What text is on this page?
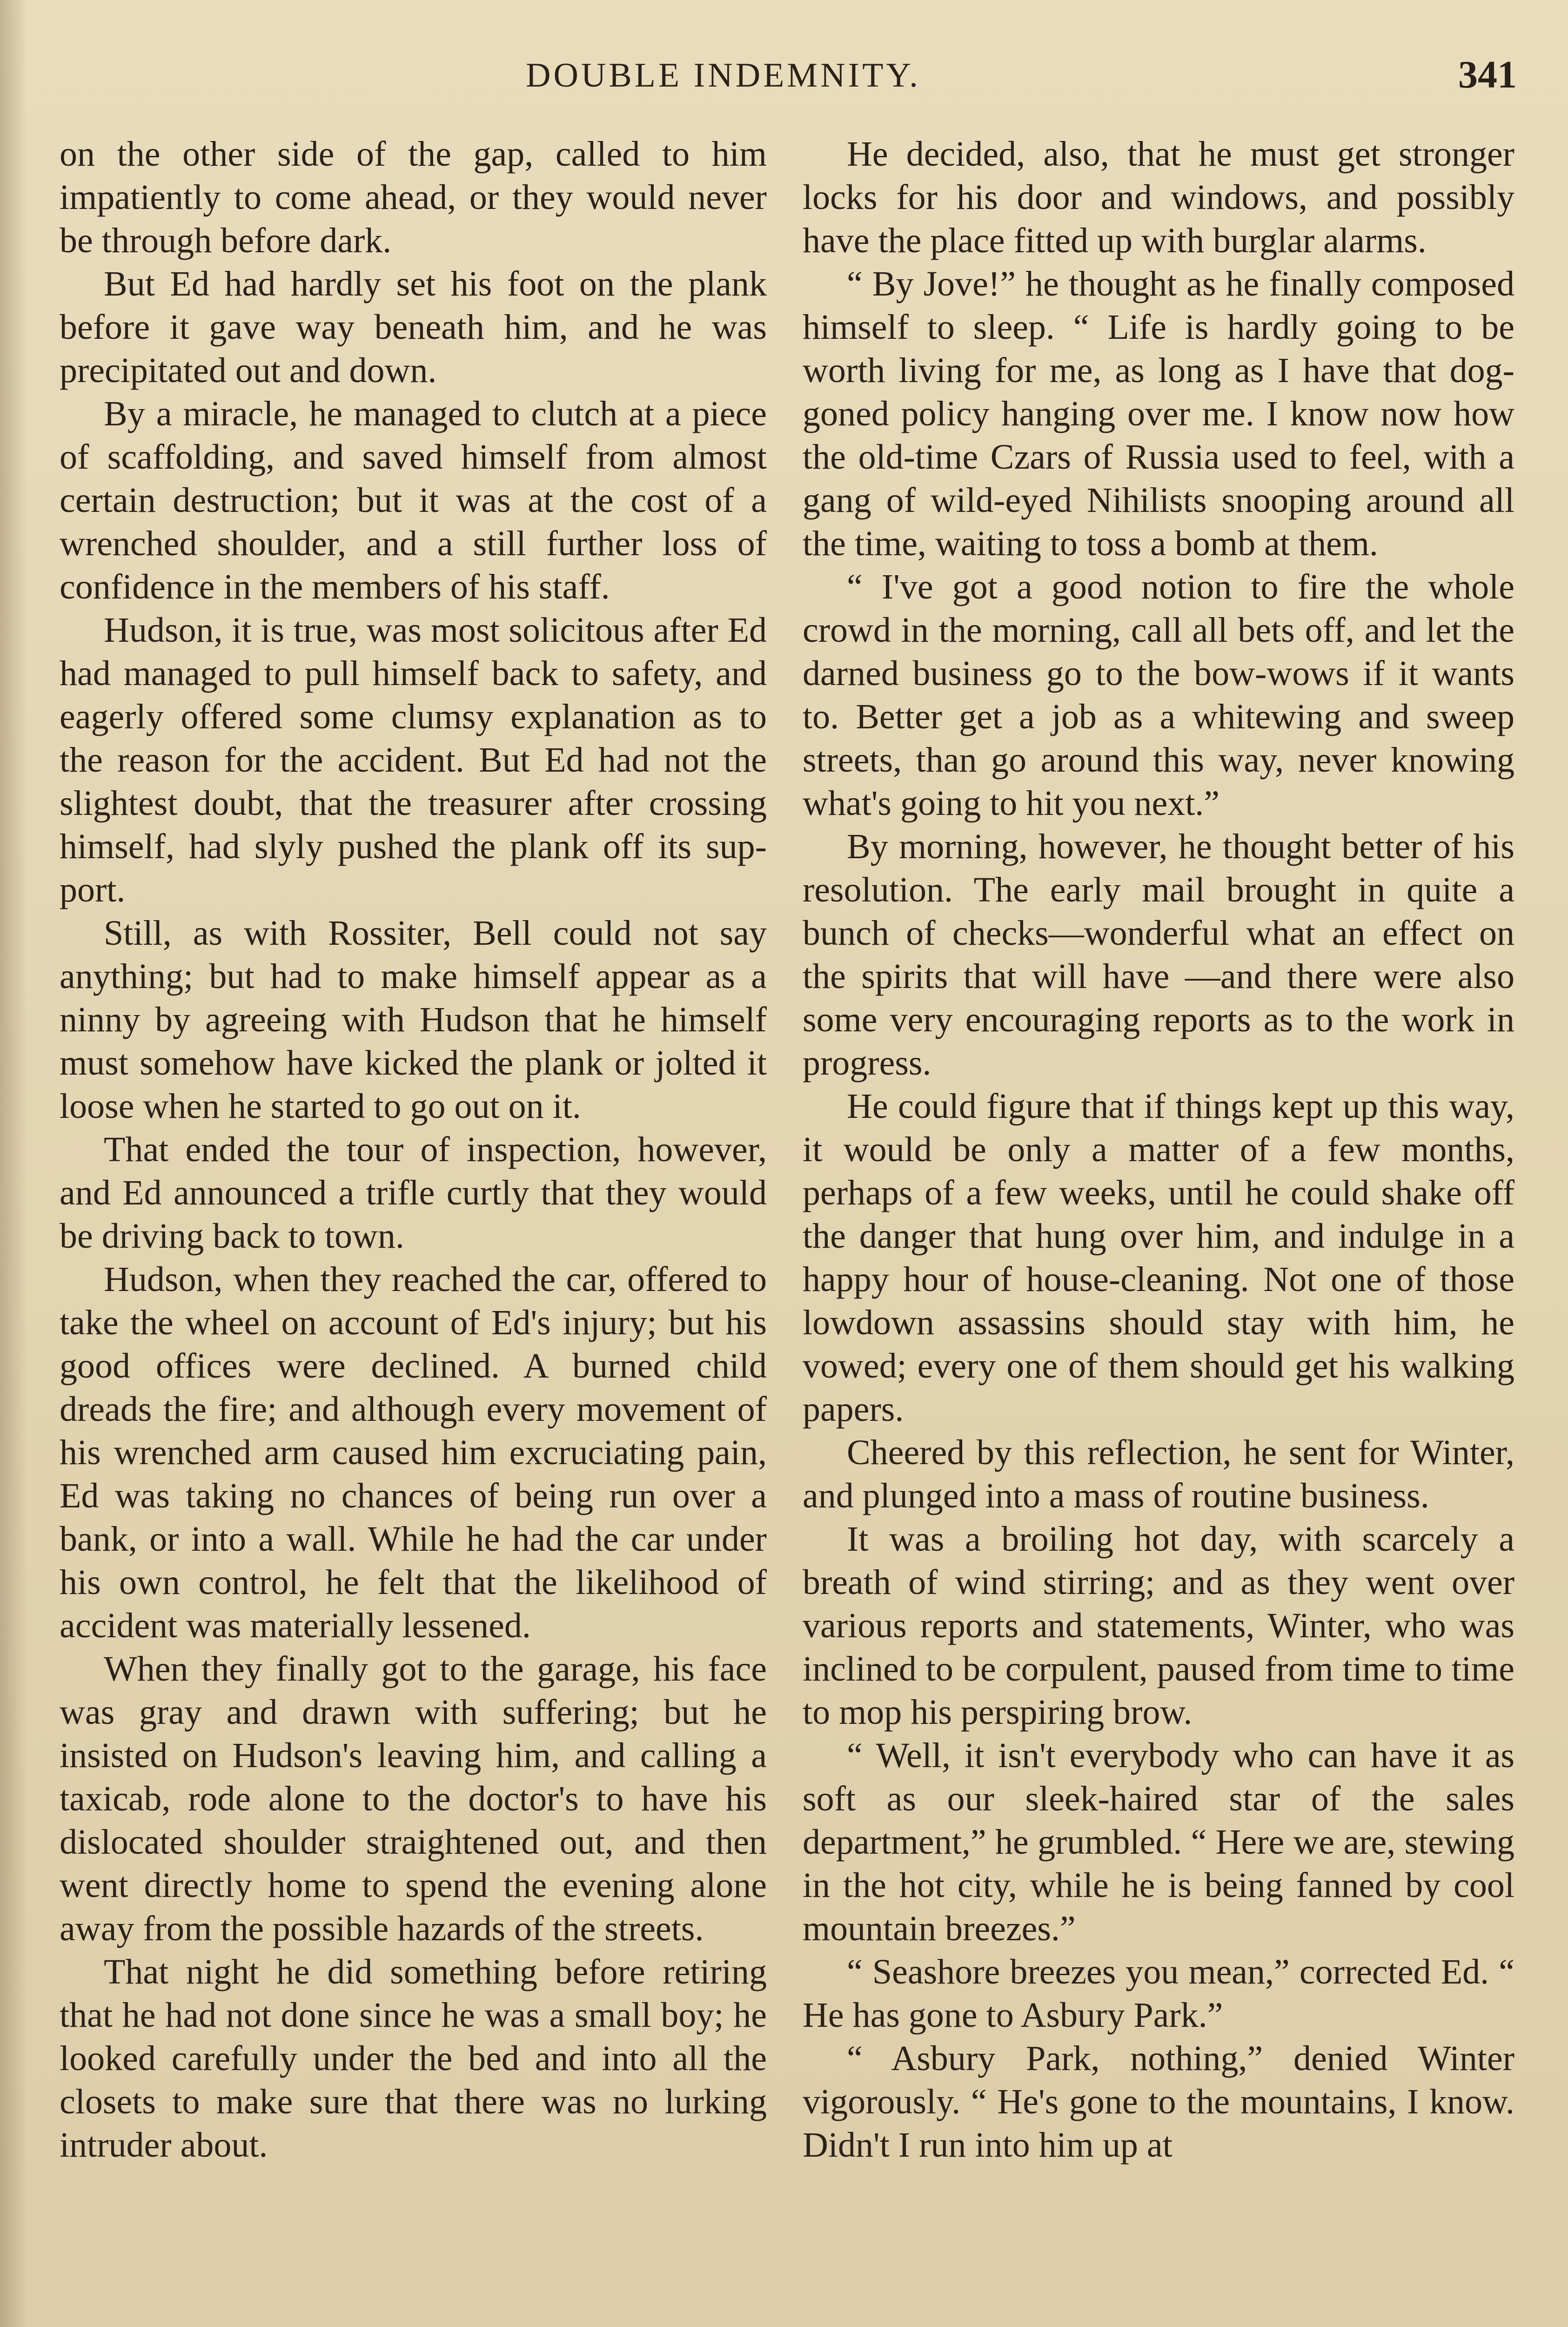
DOUBLE INDEMNITY.	341

on the other side of the gap, called to him impatiently to come ahead, or they would never be through before dark.

But Ed had hardly set his foot on the plank before it gave way beneath him, and he was precipitated out and down.

By a miracle, he managed to clutch at a piece of scaffolding, and saved himself from almost certain destruction; but it was at the cost of a wrenched shoulder, and a still further loss of confidence in the members of his staff.

Hudson, it is true, was most solicitous after Ed had managed to pull himself back to safety, and eagerly offered some clumsy explanation as to the reason for the accident. But Ed had not the slightest doubt, that the treasurer after crossing himself, had slyly pushed the plank off its support.

Still, as with Rossiter, Bell could not say anything; but had to make himself appear as a ninny by agreeing with Hudson that he himself must somehow have kicked the plank or jolted it loose when he started to go out on it.

That ended the tour of inspection, however, and Ed announced a trifle curtly that they would be driving back to town.

Hudson, when they reached the car, offered to take the wheel on account of Ed's injury; but his good offices were declined. A burned child dreads the fire; and although every movement of his wrenched arm caused him excruciating pain, Ed was taking no chances of being run over a bank, or into a wall. While he had the car under his own control, he felt that the likelihood of accident was materially lessened.

When they finally got to the garage, his face was gray and drawn with suffering; but he insisted on Hudson's leaving him, and calling a taxicab, rode alone to the doctor's to have his dislocated shoulder straightened out, and then went directly home to spend the evening alone away from the possible hazards of the streets.

That night he did something before retiring that he had not done since he was a small boy; he looked carefully under the bed and into all the closets to make sure that there was no lurking intruder about.

He decided, also, that he must get stronger locks for his door and windows, and possibly have the place fitted up with burglar alarms.

“ By Jove!” he thought as he finally composed himself to sleep. “ Life is hardly going to be worth living for me, as long as I have that dog-goned policy hanging over me. I know now how the old-time Czars of Russia used to feel, with a gang of wild-eyed Nihilists snooping around all the time, waiting to toss a bomb at them.

“ I've got a good notion to fire the whole crowd in the morning, call all bets off, and let the darned business go to the bow-wows if it wants to. Better get a job as a whitewing and sweep streets, than go around this way, never knowing what's going to hit you next.”

By morning, however, he thought better of his resolution. The early mail brought in quite a bunch of checks—wonderful what an effect on the spirits that will have —and there were also some very encouraging reports as to the work in progress.

He could figure that if things kept up this way, it would be only a matter of a few months, perhaps of a few weeks, until he could shake off the danger that hung over him, and indulge in a happy hour of house-cleaning. Not one of those lowdown assassins should stay with him, he vowed; every one of them should get his walking papers.

Cheered by this reflection, he sent for Winter, and plunged into a mass of routine business.

It was a broiling hot day, with scarcely a breath of wind stirring; and as they went over various reports and statements, Winter, who was inclined to be corpulent, paused from time to time to mop his perspiring brow.

“ Well, it isn't everybody who can have it as soft as our sleek-haired star of the sales department,” he grumbled. “ Here we are, stewing in the hot city, while he is being fanned by cool mountain breezes.”

“ Seashore breezes you mean,” corrected Ed. “ He has gone to Asbury Park.”

“ Asbury Park, nothing,” denied Winter vigorously. “ He's gone to the mountains, I know. Didn't I run into him up at
